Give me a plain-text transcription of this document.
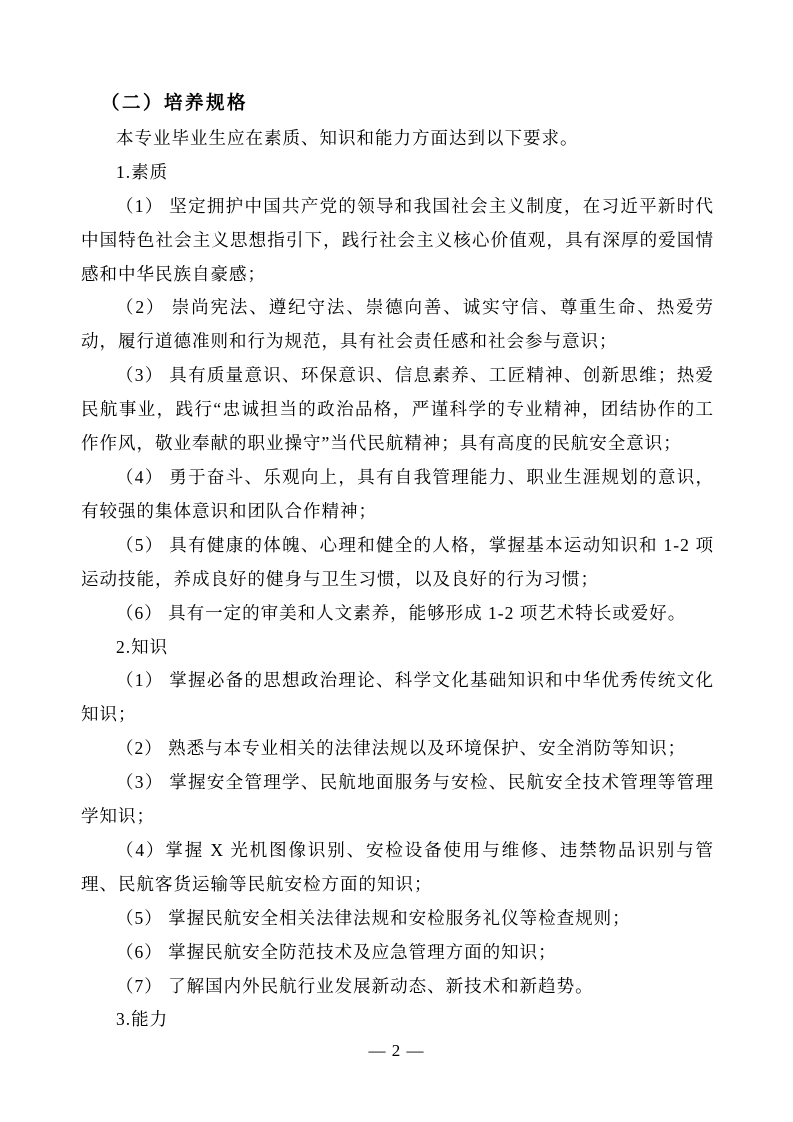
（二）培养规格

本专业毕业生应在素质、知识和能力方面达到以下要求。

1.素质

（1） 坚定拥护中国共产党的领导和我国社会主义制度，在习近平新时代中国特色社会主义思想指引下，践行社会主义核心价值观，具有深厚的爱国情感和中华民族自豪感；

（2） 崇尚宪法、遵纪守法、崇德向善、诚实守信、尊重生命、热爱劳动，履行道德准则和行为规范，具有社会责任感和社会参与意识；

（3） 具有质量意识、环保意识、信息素养、工匠精神、创新思维；热爱民航事业，践行“忠诚担当的政治品格，严谨科学的专业精神，团结协作的工作作风，敬业奉献的职业操守”当代民航精神；具有高度的民航安全意识；

（4） 勇于奋斗、乐观向上，具有自我管理能力、职业生涯规划的意识，有较强的集体意识和团队合作精神；

（5） 具有健康的体魄、心理和健全的人格，掌握基本运动知识和 1-2 项运动技能，养成良好的健身与卫生习惯，以及良好的行为习惯；

（6） 具有一定的审美和人文素养，能够形成 1-2 项艺术特长或爱好。

2.知识

（1） 掌握必备的思想政治理论、科学文化基础知识和中华优秀传统文化知识；

（2） 熟悉与本专业相关的法律法规以及环境保护、安全消防等知识；

（3） 掌握安全管理学、民航地面服务与安检、民航安全技术管理等管理学知识；

（4）掌握 X 光机图像识别、安检设备使用与维修、违禁物品识别与管理、民航客货运输等民航安检方面的知识；

（5） 掌握民航安全相关法律法规和安检服务礼仪等检查规则；

（6） 掌握民航安全防范技术及应急管理方面的知识；

（7） 了解国内外民航行业发展新动态、新技术和新趋势。

3.能力

— 2 —
